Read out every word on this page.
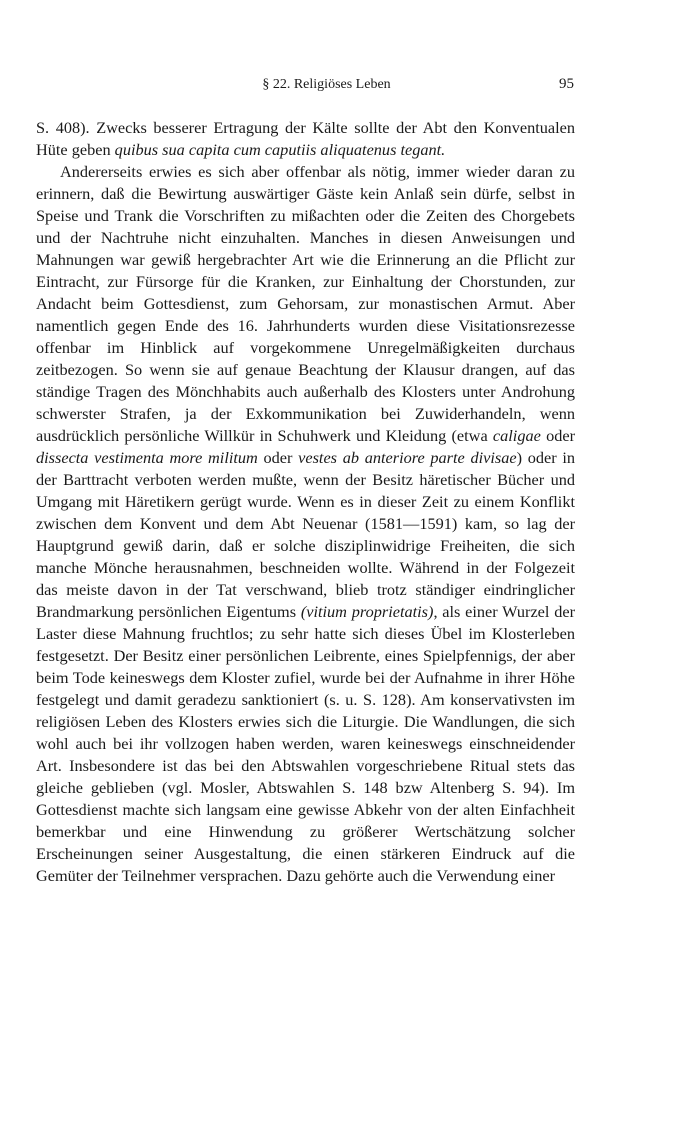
§ 22. Religiöses Leben	95

S. 408). Zwecks besserer Ertragung der Kälte sollte der Abt den Konventualen Hüte geben quibus sua capita cum caputiis aliquatenus tegant.

Andererseits erwies es sich aber offenbar als nötig, immer wieder daran zu erinnern, daß die Bewirtung auswärtiger Gäste kein Anlaß sein dürfe, selbst in Speise und Trank die Vorschriften zu mißachten oder die Zeiten des Chorgebets und der Nachtruhe nicht einzuhalten. Manches in diesen Anweisungen und Mahnungen war gewiß hergebrachter Art wie die Erinnerung an die Pflicht zur Eintracht, zur Fürsorge für die Kranken, zur Einhaltung der Chorstunden, zur Andacht beim Gottesdienst, zum Gehorsam, zur monastischen Armut. Aber namentlich gegen Ende des 16. Jahrhunderts wurden diese Visitationsrezesse offenbar im Hinblick auf vorgekommene Unregelmäßigkeiten durchaus zeitbezogen. So wenn sie auf genaue Beachtung der Klausur drangen, auf das ständige Tragen des Mönchhabits auch außerhalb des Klosters unter Androhung schwerster Strafen, ja der Exkommunikation bei Zuwiderhandeln, wenn ausdrücklich persönliche Willkür in Schuhwerk und Kleidung (etwa caligae oder dissecta vestimenta more militum oder vestes ab anteriore parte divisae) oder in der Barttracht verboten werden mußte, wenn der Besitz häretischer Bücher und Umgang mit Häretikern gerügt wurde. Wenn es in dieser Zeit zu einem Konflikt zwischen dem Konvent und dem Abt Neuenar (1581—1591) kam, so lag der Hauptgrund gewiß darin, daß er solche disziplinwidrige Freiheiten, die sich manche Mönche herausnahmen, beschneiden wollte. Während in der Folgezeit das meiste davon in der Tat verschwand, blieb trotz ständiger eindringlicher Brandmarkung persönlichen Eigentums (vitium proprietatis), als einer Wurzel der Laster diese Mahnung fruchtlos; zu sehr hatte sich dieses Übel im Klosterleben festgesetzt. Der Besitz einer persönlichen Leibrente, eines Spielpfennigs, der aber beim Tode keineswegs dem Kloster zufiel, wurde bei der Aufnahme in ihrer Höhe festgelegt und damit geradezu sanktioniert (s. u. S. 128). Am konservativsten im religiösen Leben des Klosters erwies sich die Liturgie. Die Wandlungen, die sich wohl auch bei ihr vollzogen haben werden, waren keineswegs einschneidender Art. Insbesondere ist das bei den Abtswahlen vorgeschriebene Ritual stets das gleiche geblieben (vgl. Mosler, Abtswahlen S. 148 bzw Altenberg S. 94). Im Gottesdienst machte sich langsam eine gewisse Abkehr von der alten Einfachheit bemerkbar und eine Hinwendung zu größerer Wertschätzung solcher Erscheinungen seiner Ausgestaltung, die einen stärkeren Eindruck auf die Gemüter der Teilnehmer versprachen. Dazu gehörte auch die Verwendung einer
